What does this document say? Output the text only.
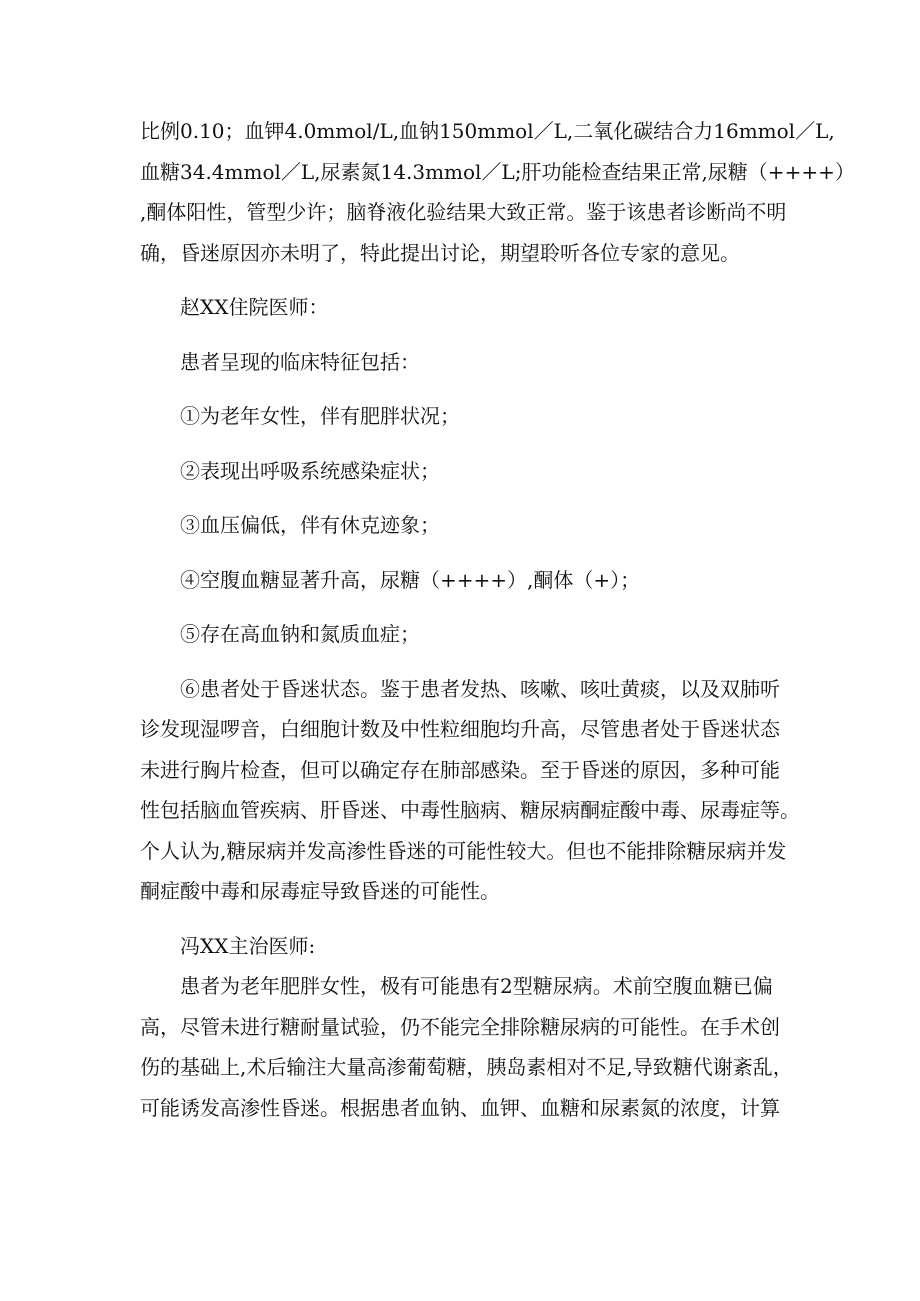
比例0.10；血钾4.0mmol/L,血钠150mmol／L,二氧化碳结合力16mmol／L,
血糖34.4mmol／L,尿素氮14.3mmol／L;肝功能检查结果正常,尿糖（++++）
,酮体阳性，管型少许；脑脊液化验结果大致正常。鉴于该患者诊断尚不明
确，昏迷原因亦未明了，特此提出讨论，期望聆听各位专家的意见。
赵XX住院医师：
患者呈现的临床特征包括：
①为老年女性，伴有肥胖状况；
②表现出呼吸系统感染症状；
③血压偏低，伴有休克迹象；
④空腹血糖显著升高，尿糖（++++）,酮体（+）；
⑤存在高血钠和氮质血症；
⑥患者处于昏迷状态。鉴于患者发热、咳嗽、咳吐黄痰，以及双肺听
诊发现湿啰音，白细胞计数及中性粒细胞均升高，尽管患者处于昏迷状态
未进行胸片检查，但可以确定存在肺部感染。至于昏迷的原因，多种可能
性包括脑血管疾病、肝昏迷、中毒性脑病、糖尿病酮症酸中毒、尿毒症等。
个人认为,糖尿病并发高渗性昏迷的可能性较大。但也不能排除糖尿病并发
酮症酸中毒和尿毒症导致昏迷的可能性。
冯XX主治医师:
患者为老年肥胖女性，极有可能患有2型糖尿病。术前空腹血糖已偏
高，尽管未进行糖耐量试验，仍不能完全排除糖尿病的可能性。在手术创
伤的基础上,术后输注大量高渗葡萄糖，胰岛素相对不足,导致糖代谢紊乱，
可能诱发高渗性昏迷。根据患者血钠、血钾、血糖和尿素氮的浓度，计算
